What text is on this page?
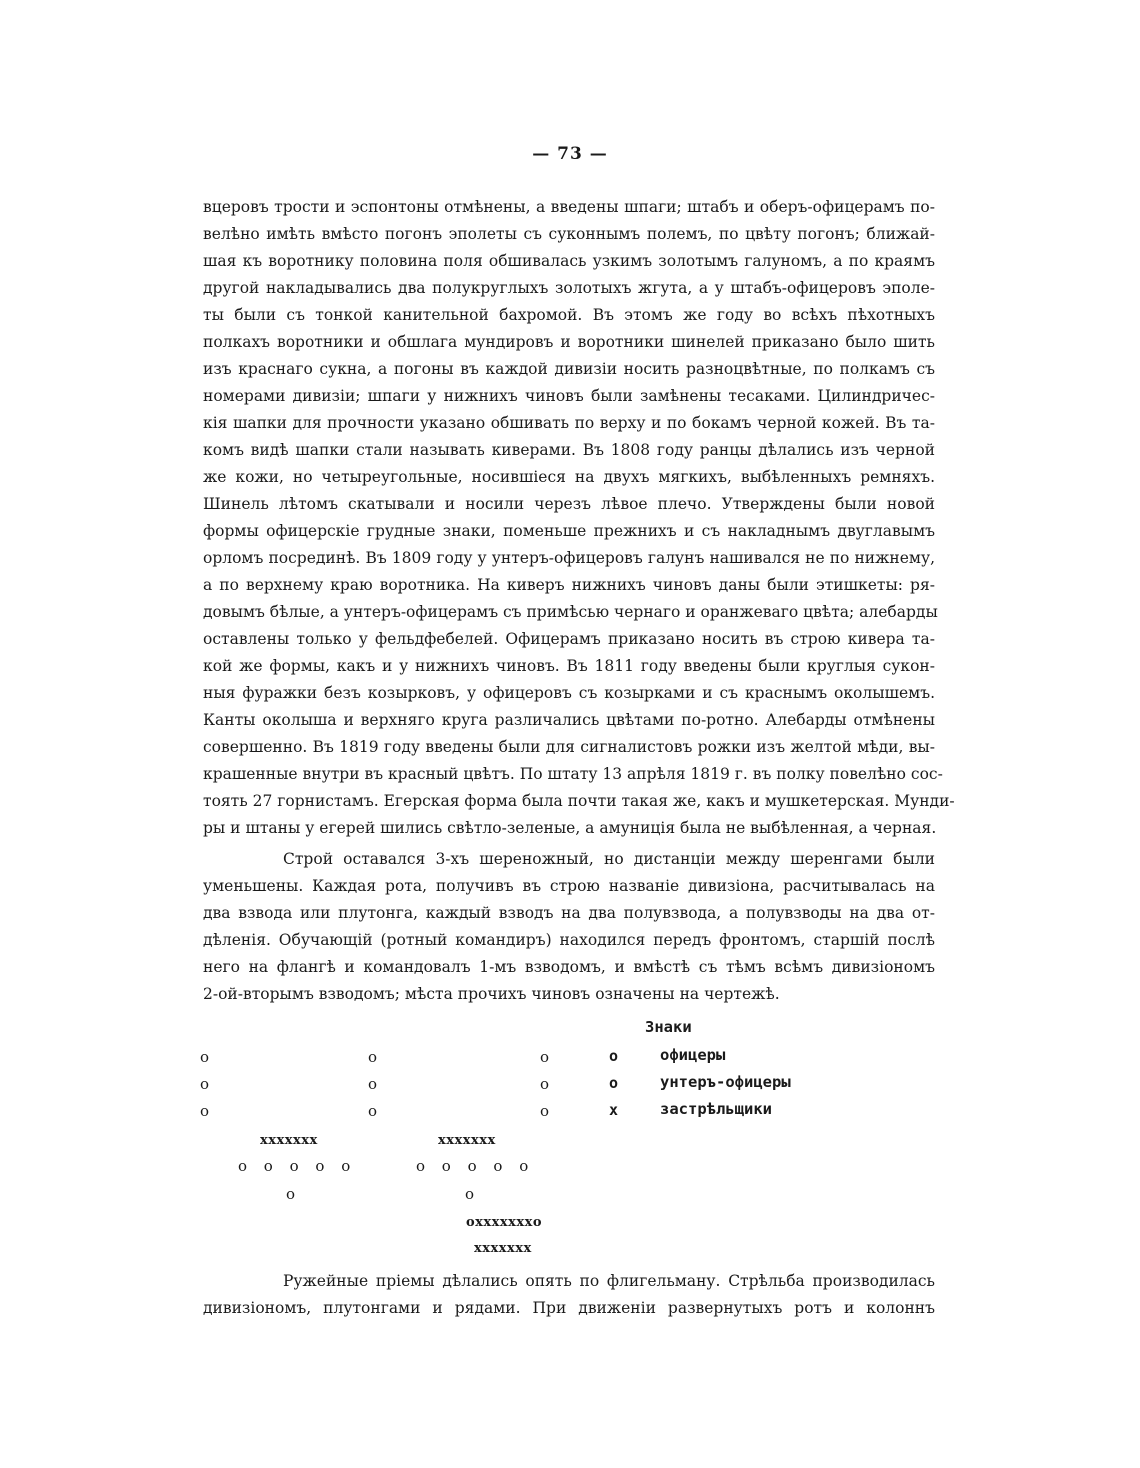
— 73 —
вцеровъ трости и эспонтоны отмѣнены, а введены шпаги; штабъ и оберъ-офицерамъ по-
велѣно имѣть вмѣсто погонъ эполеты съ суконнымъ полемъ, по цвѣту погонъ; ближай-
шая къ воротнику половина поля обшивалась узкимъ золотымъ галуномъ, а по краямъ
другой накладывались два полукруглыхъ золотыхъ жгута, а у штабъ-офицеровъ эполе-
ты были съ тонкой канительной бахромой. Въ этомъ же году во всѣхъ пѣхотныхъ
полкахъ воротники и обшлага мундировъ и воротники шинелей приказано было шить
изъ краснаго сукна, а погоны въ каждой дивизіи носить разноцвѣтные, по полкамъ съ
номерами дивизіи; шпаги у нижнихъ чиновъ были замѣнены тесаками. Цилиндричес-
кія шапки для прочности указано обшивать по верху и по бокамъ черной кожей. Въ та-
комъ видѣ шапки стали называть киверами. Въ 1808 году ранцы дѣлались изъ черной
же кожи, но четыреугольные, носившіеся на двухъ мягкихъ, выбѣленныхъ ремняхъ.
Шинель лѣтомъ скатывали и носили черезъ лѣвое плечо. Утверждены были новой
формы офицерскіе грудные знаки, поменьше прежнихъ и съ накладнымъ двуглавымъ
орломъ посрединѣ. Въ 1809 году у унтеръ-офицеровъ галунъ нашивался не по нижнему,
а по верхнему краю воротника. На киверъ нижнихъ чиновъ даны были этишкеты: ря-
довымъ бѣлые, а унтеръ-офицерамъ съ примѣсью чернаго и оранжеваго цвѣта; алебарды
оставлены только у фельдфебелей. Офицерамъ приказано носить въ строю кивера та-
кой же формы, какъ и у нижнихъ чиновъ. Въ 1811 году введены были круглыя сукон-
ныя фуражки безъ козырковъ, у офицеровъ съ козырками и съ краснымъ околышемъ.
Канты околыша и верхняго круга различались цвѣтами по-ротно. Алебарды отмѣнены
совершенно. Въ 1819 году введены были для сигналистовъ рожки изъ желтой мѣди, вы-
крашенные внутри въ красный цвѣтъ. По штату 13 апрѣля 1819 г. въ полку повелѣно сос-
тоять 27 горнистамъ. Егерская форма была почти такая же, какъ и мушкетерская. Мунди-
ры и штаны у егерей шились свѣтло-зеленые, а амуниція была не выбѣленная, а черная.
Строй оставался 3-хъ шереножный, но дистанціи между шеренгами были
уменьшены. Каждая рота, получивъ въ строю названіе дивизіона, расчитывалась на
два взвода или плутонга, каждый взводъ на два полувзвода, а полувзводы на два от-
дѣленія. Обучающій (ротный командиръ) находился передъ фронтомъ, старшій послѣ
него на флангѣ и командовалъ 1-мъ взводомъ, и вмѣстѣ съ тѣмъ всѣмъ дивизіономъ
2-ой-вторымъ взводомъ; мѣста прочихъ чиновъ означены на чертежѣ.
o
o
o
o
o
o
o
o
o
xxxxxxx
o o o o o
o
xxxxxxx
o o o o o
o
oxxxxxxxo
xxxxxxx
Знаки
o	офицеры
o	унтеръ-офицеры
x	застрѣльщики
Ружейные пріемы дѣлались опять по флигельману. Стрѣльба производилась
дивизіономъ, плутонгами и рядами. При движеніи развернутыхъ ротъ и колоннъ
